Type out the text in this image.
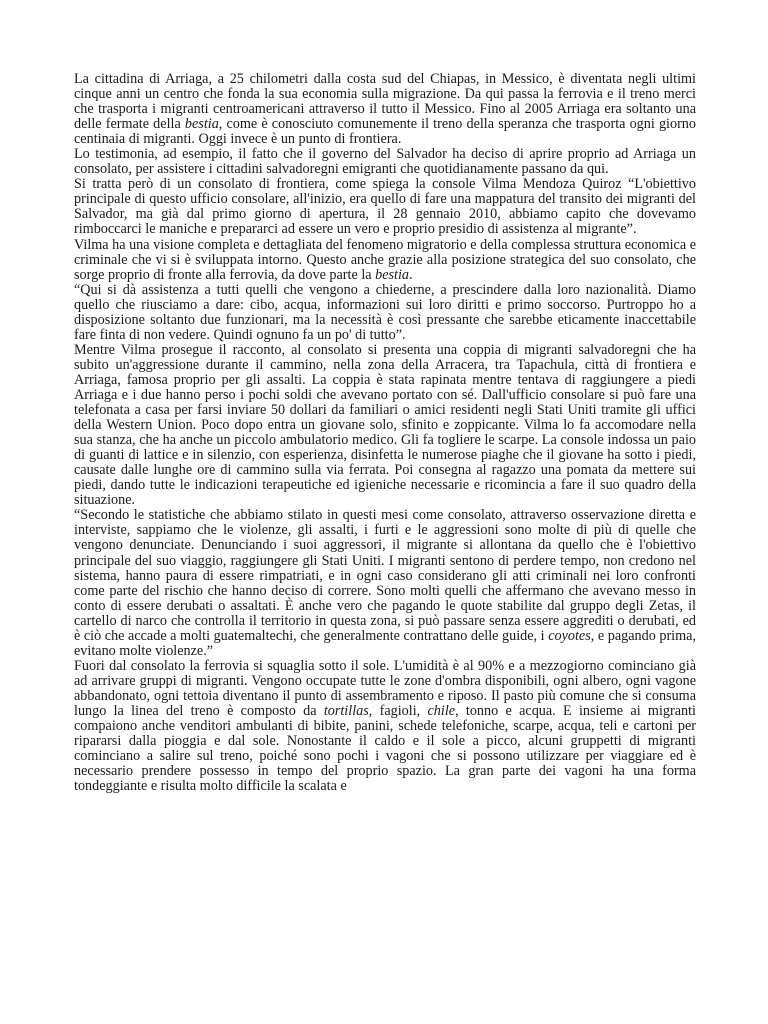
La cittadina di Arriaga, a 25 chilometri dalla costa sud del Chiapas, in Messico, è diventata negli ultimi cinque anni un centro che fonda la sua economia sulla migrazione. Da qui passa la ferrovia e il treno merci che trasporta i migranti centroamericani attraverso il tutto il Messico. Fino al 2005 Arriaga era soltanto una delle fermate della bestia, come è conosciuto comunemente il treno della speranza che trasporta ogni giorno centinaia di migranti. Oggi invece è un punto di frontiera.

Lo testimonia, ad esempio, il fatto che il governo del Salvador ha deciso di aprire proprio ad Arriaga un consolato, per assistere i cittadini salvadoregni emigranti che quotidianamente passano da qui.

Si tratta però di un consolato di frontiera, come spiega la console Vilma Mendoza Quiroz “L'obiettivo principale di questo ufficio consolare, all'inizio, era quello di fare una mappatura del transito dei migranti del Salvador, ma già dal primo giorno di apertura, il 28 gennaio 2010, abbiamo capito che dovevamo rimboccarci le maniche e prepararci ad essere un vero e proprio presidio di assistenza al migrante”.

Vilma ha una visione completa e dettagliata del fenomeno migratorio e della complessa struttura economica e criminale che vi si è sviluppata intorno. Questo anche grazie alla posizione strategica del suo consolato, che sorge proprio di fronte alla ferrovia, da dove parte la bestia.

“Qui si dà assistenza a tutti quelli che vengono a chiederne, a prescindere dalla loro nazionalità. Diamo quello che riusciamo a dare: cibo, acqua, informazioni sui loro diritti e primo soccorso. Purtroppo ho a disposizione soltanto due funzionari, ma la necessità è così pressante che sarebbe eticamente inaccettabile fare finta di non vedere. Quindi ognuno fa un po' di tutto”.

Mentre Vilma prosegue il racconto, al consolato si presenta una coppia di migranti salvadoregni che ha subito un'aggressione durante il cammino, nella zona della Arracera, tra Tapachula, città di frontiera e Arriaga, famosa proprio per gli assalti. La coppia è stata rapinata mentre tentava di raggiungere a piedi Arriaga e i due hanno perso i pochi soldi che avevano portato con sé. Dall'ufficio consolare si può fare una telefonata a casa per farsi inviare 50 dollari da familiari o amici residenti negli Stati Uniti tramite gli uffici della Western Union. Poco dopo entra un giovane solo, sfinito e zoppicante. Vilma lo fa accomodare nella sua stanza, che ha anche un piccolo ambulatorio medico. Gli fa togliere le scarpe. La console indossa un paio di guanti di lattice e in silenzio, con esperienza, disinfetta le numerose piaghe che il giovane ha sotto i piedi, causate dalle lunghe ore di cammino sulla via ferrata. Poi consegna al ragazzo una pomata da mettere sui piedi, dando tutte le indicazioni terapeutiche ed igieniche necessarie e ricomincia a fare il suo quadro della situazione.

“Secondo le statistiche che abbiamo stilato in questi mesi come consolato, attraverso osservazione diretta e interviste, sappiamo che le violenze, gli assalti, i furti e le aggressioni sono molte di più di quelle che vengono denunciate. Denunciando i suoi aggressori, il migrante si allontana da quello che è l'obiettivo principale del suo viaggio, raggiungere gli Stati Uniti. I migranti sentono di perdere tempo, non credono nel sistema, hanno paura di essere rimpatriati, e in ogni caso considerano gli atti criminali nei loro confronti come parte del rischio che hanno deciso di correre. Sono molti quelli che affermano che avevano messo in conto di essere derubati o assaltati. È anche vero che pagando le quote stabilite dal gruppo degli Zetas, il cartello di narco che controlla il territorio in questa zona, si può passare senza essere aggrediti o derubati, ed è ciò che accade a molti guatemaltechi, che generalmente contrattano delle guide, i coyotes, e pagando prima, evitano molte violenze.”

Fuori dal consolato la ferrovia si squaglia sotto il sole. L'umidità è al 90% e a mezzogiorno cominciano già ad arrivare gruppi di migranti. Vengono occupate tutte le zone d'ombra disponibili, ogni albero, ogni vagone abbandonato, ogni tettoia diventano il punto di assembramento e riposo. Il pasto più comune che si consuma lungo la linea del treno è composto da tortillas, fagioli, chile, tonno e acqua. E insieme ai migranti compaiono anche venditori ambulanti di bibite, panini, schede telefoniche, scarpe, acqua, teli e cartoni per ripararsi dalla pioggia e dal sole. Nonostante il caldo e il sole a picco, alcuni gruppetti di migranti cominciano a salire sul treno, poiché sono pochi i vagoni che si possono utilizzare per viaggiare ed è necessario prendere possesso in tempo del proprio spazio. La gran parte dei vagoni ha una forma tondeggiante e risulta molto difficile la scalata e
